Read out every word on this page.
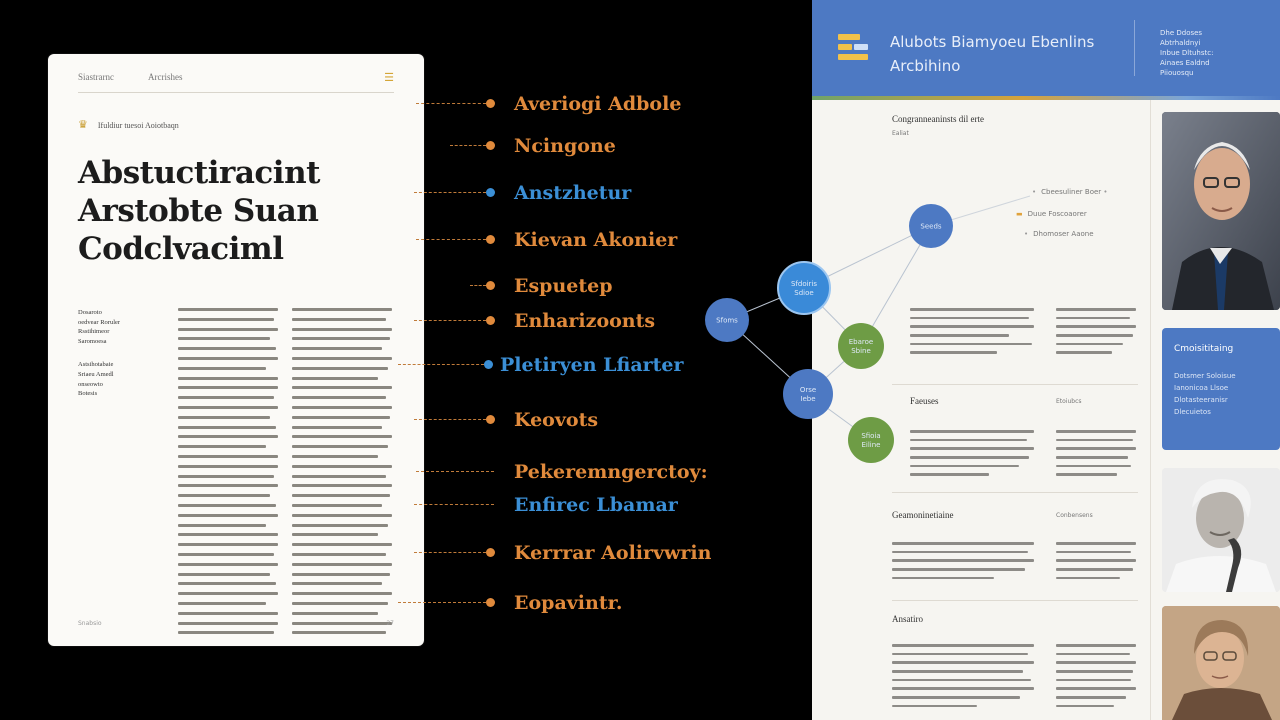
Siastrarnc	Arcrishes	☰
♛ Ifuldiur tuesoi Aoiotbaqn
Abstuctiracint
Arstobte Suan
Codclvaciml
Dosaroto
oedvear Roruler
Rsstihimeor
Saromoesa
Astsihotabaie
Sriaeu Amedl
onseowto
Botesis
Snabsio	27
Averiogi Adbole
Ncingone
Anstzhetur
Kievan Akonier
Espuetep
Enharizoonts
Pletiryen Lfiarter
Keovots
Pekeremngerctoy:
Enfirec Lbamar
Kerrrar Aolirvwrin
Eopavintr.
Alubots Biamyoeu Ebenlins
Arcbihino
Dhe Ddoses
Abtrhaldnyi
Inbue Dltuhstc:
Ainaes Ealdnd
Piiouosqu
Congranneaninsts dil erte
Ealiat
• Cbeesuliner Boer •
▬ Duue Foscoaorer
• Dhomoser Aaone
Faeuses	Etoiubcs
Geamoninetiaine	Conbensens
Ansatiro
Sfoms
Sfdoiris
Sdioe
Seeds
Ebaroe
Sbine
Orse
Iebe
Sfioia
Eiline
Cmoisititaing
Dotsmer Soloisue
Ianonicoa Llsoe
Dlotasteeranisr
Dlecuietos
